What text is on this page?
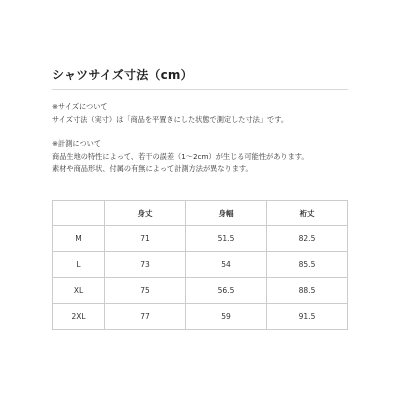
シャツサイズ寸法（cm）
※サイズについて
サイズ寸法（実寸）は「商品を平置きにした状態で測定した寸法」です。
※計測について
商品生地の特性によって、若干の誤差（1〜2cm）が生じる可能性があります。
素材や商品形状、付属の有無によって計測方法が異なります。
	身丈	身幅	裄丈
M	71	51.5	82.5
L	73	54	85.5
XL	75	56.5	88.5
2XL	77	59	91.5
